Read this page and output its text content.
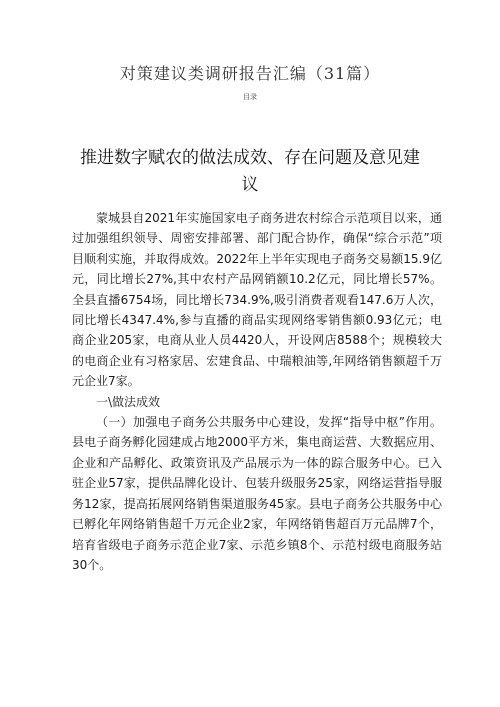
对策建议类调研报告汇编（31篇）
目录
推进数字赋农的做法成效、存在问题及意见建议

蒙城县自2021年实施国家电子商务进农村综合示范项目以来，通过加强组织领导、周密安排部署、部门配合协作，确保“综合示范”项目顺利实施，并取得成效。2022年上半年实现电子商务交易额15.9亿元，同比增长27%,其中农村产品网销额10.2亿元，同比增长57%。全县直播6754场，同比增长734.9%,吸引消费者观看147.6万人次，同比增长4347.4%,参与直播的商品实现网络零销售额0.93亿元；电商企业205家，电商从业人员4420人，开设网店8588个；规模较大的电商企业有习格家居、宏建食品、中瑞粮油等,年网络销售额超千万元企业7家。

一\做法成效

（一）加强电子商务公共服务中心建设，发挥“指导中枢”作用。县电子商务孵化园建成占地2000平方米，集电商运营、大数据应用、企业和产品孵化、政策资讯及产品展示为一体的踪合服务中心。已入驻企业57家，提供品牌化设计、包装升级服务25家，网络运营指导服务12家，提高拓展网络销售渠道服务45家。县电子商务公共服务中心已孵化年网络销售超千万元企业2家，年网络销售超百万元品牌7个，培育省级电子商务示范企业7家、示范乡镇8个、示范村级电商服务站30个。
